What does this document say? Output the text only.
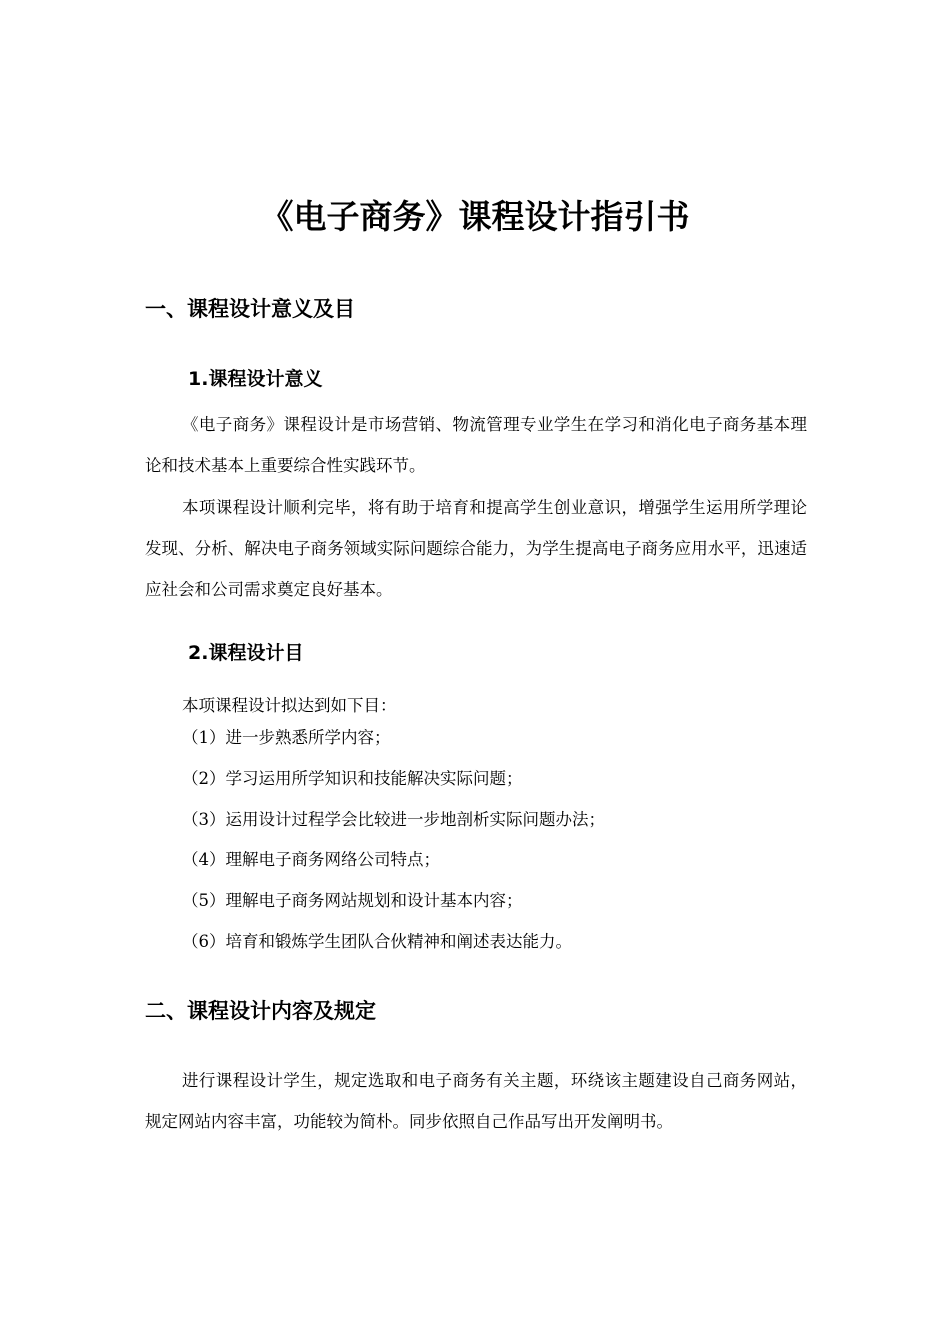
《电子商务》课程设计指引书
一、课程设计意义及目
1.课程设计意义

《电子商务》课程设计是市场营销、物流管理专业学生在学习和消化电子商务基本理论和技术基本上重要综合性实践环节。

本项课程设计顺利完毕，将有助于培育和提高学生创业意识，增强学生运用所学理论发现、分析、解决电子商务领域实际问题综合能力，为学生提高电子商务应用水平，迅速适应社会和公司需求奠定良好基本。

2.课程设计目

本项课程设计拟达到如下目：

（1）进一步熟悉所学内容；
（2）学习运用所学知识和技能解决实际问题；
（3）运用设计过程学会比较进一步地剖析实际问题办法；
（4）理解电子商务网络公司特点；
（5）理解电子商务网站规划和设计基本内容；
（6）培育和锻炼学生团队合伙精神和阐述表达能力。
二、课程设计内容及规定

进行课程设计学生，规定选取和电子商务有关主题，环绕该主题建设自己商务网站，规定网站内容丰富，功能较为简朴。同步依照自己作品写出开发阐明书。
